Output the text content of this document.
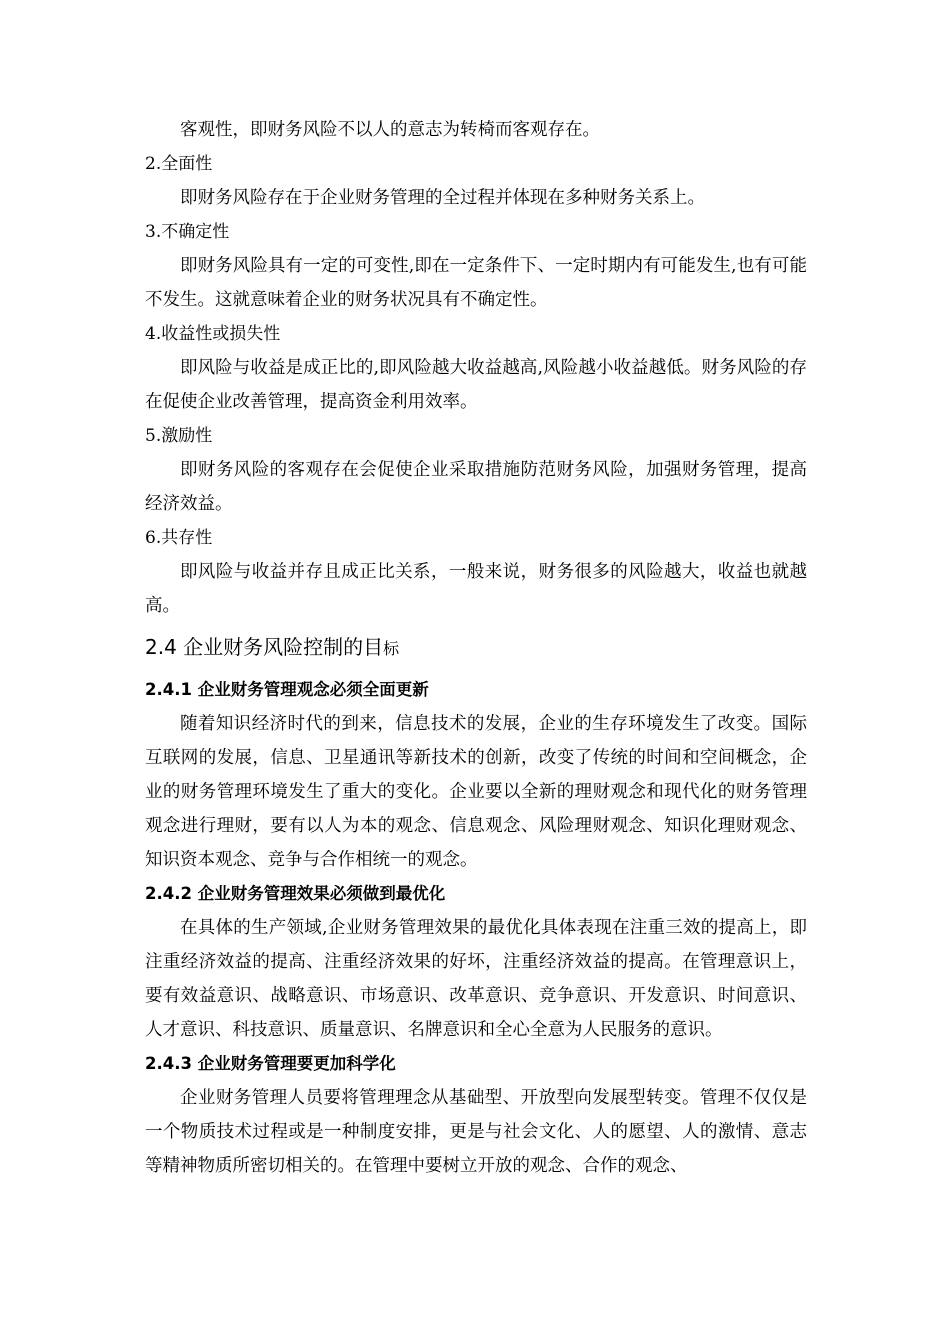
客观性，即财务风险不以人的意志为转椅而客观存在。

2.全面性

即财务风险存在于企业财务管理的全过程并体现在多种财务关系上。

3.不确定性

即财务风险具有一定的可变性,即在一定条件下、一定时期内有可能发生,也有可能不发生。这就意味着企业的财务状况具有不确定性。

4.收益性或损失性

即风险与收益是成正比的,即风险越大收益越高,风险越小收益越低。财务风险的存在促使企业改善管理，提高资金利用效率。

5.激励性

即财务风险的客观存在会促使企业采取措施防范财务风险，加强财务管理，提高经济效益。

6.共存性

即风险与收益并存且成正比关系，一般来说，财务很多的风险越大，收益也就越高。

2.4 企业财务风险控制的目标
2.4.1 企业财务管理观念必须全面更新

随着知识经济时代的到来，信息技术的发展，企业的生存环境发生了改变。国际互联网的发展，信息、卫星通讯等新技术的创新，改变了传统的时间和空间概念，企业的财务管理环境发生了重大的变化。企业要以全新的理财观念和现代化的财务管理观念进行理财，要有以人为本的观念、信息观念、风险理财观念、知识化理财观念、知识资本观念、竞争与合作相统一的观念。

2.4.2 企业财务管理效果必须做到最优化

在具体的生产领域,企业财务管理效果的最优化具体表现在注重三效的提高上，即注重经济效益的提高、注重经济效果的好坏，注重经济效益的提高。在管理意识上，要有效益意识、战略意识、市场意识、改革意识、竞争意识、开发意识、时间意识、人才意识、科技意识、质量意识、名牌意识和全心全意为人民服务的意识。

2.4.3 企业财务管理要更加科学化

企业财务管理人员要将管理理念从基础型、开放型向发展型转变。管理不仅仅是一个物质技术过程或是一种制度安排，更是与社会文化、人的愿望、人的激情、意志等精神物质所密切相关的。在管理中要树立开放的观念、合作的观念、
